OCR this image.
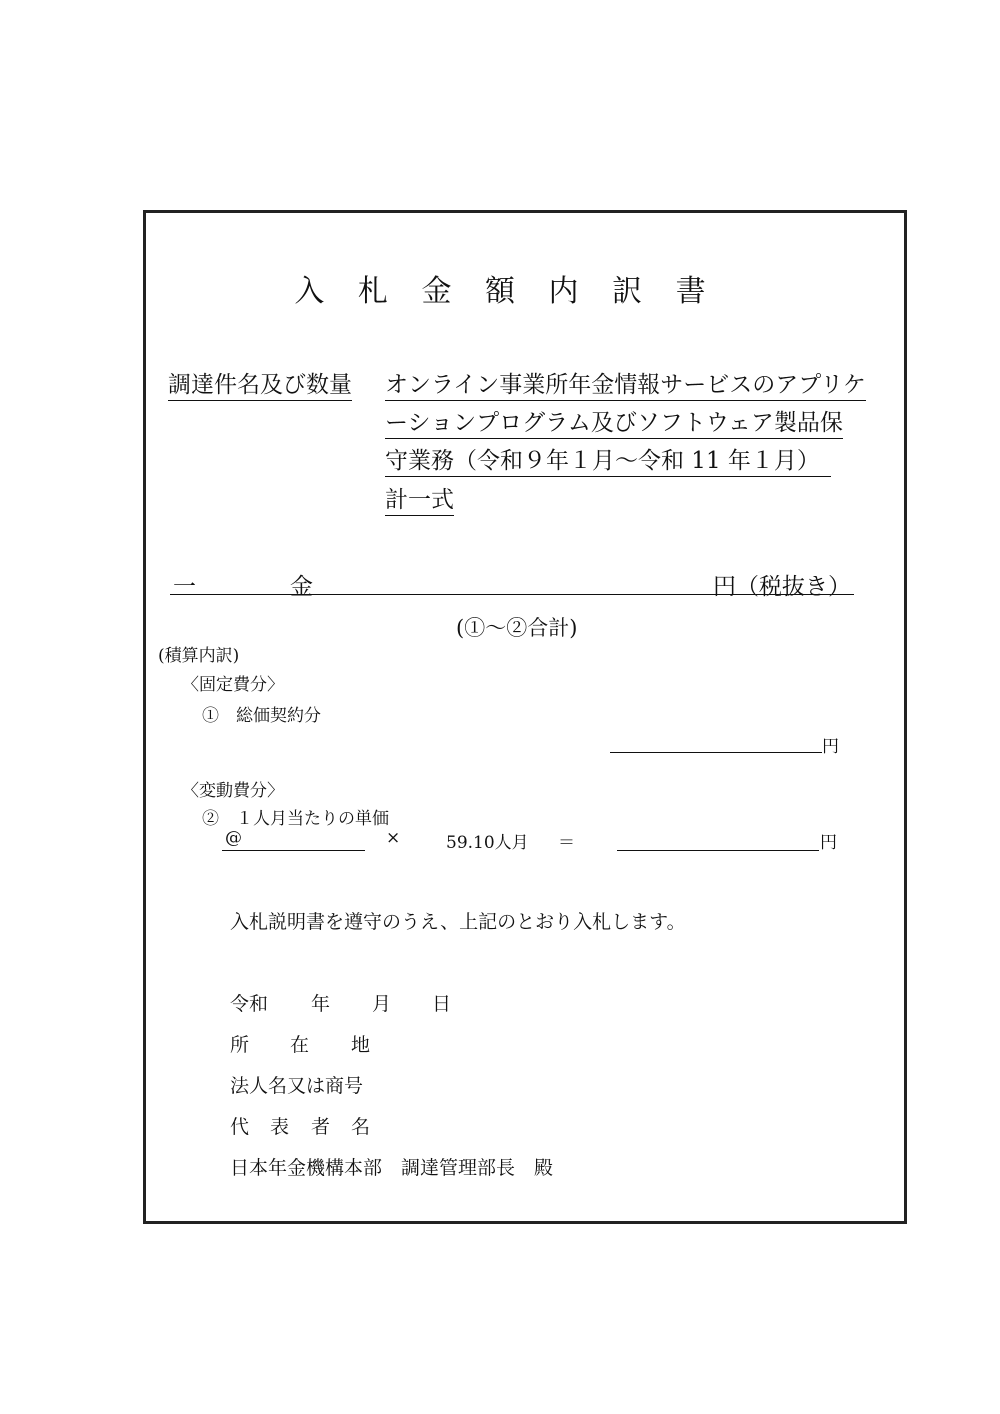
入 札 金 額 内 訳 書
調達件名及び数量 オンライン事業所年金情報サービスのアプリケ
ーションプログラム及びソフトウェア製品保
守業務（令和９年１月～令和 11 年１月）　
計一式
一	金	円（税抜き）
(①～②合計)
(積算内訳)
〈固定費分〉
①　総価契約分
円
〈変動費分〉
②　１人月当たりの単価
@	×	59.10人月 ＝	円
入札説明書を遵守のうえ、上記のとおり入札します。
令和 年 月 日
所 在 地
法人名又は商号
代 表 者 名
日本年金機構本部　調達管理部長　殿
